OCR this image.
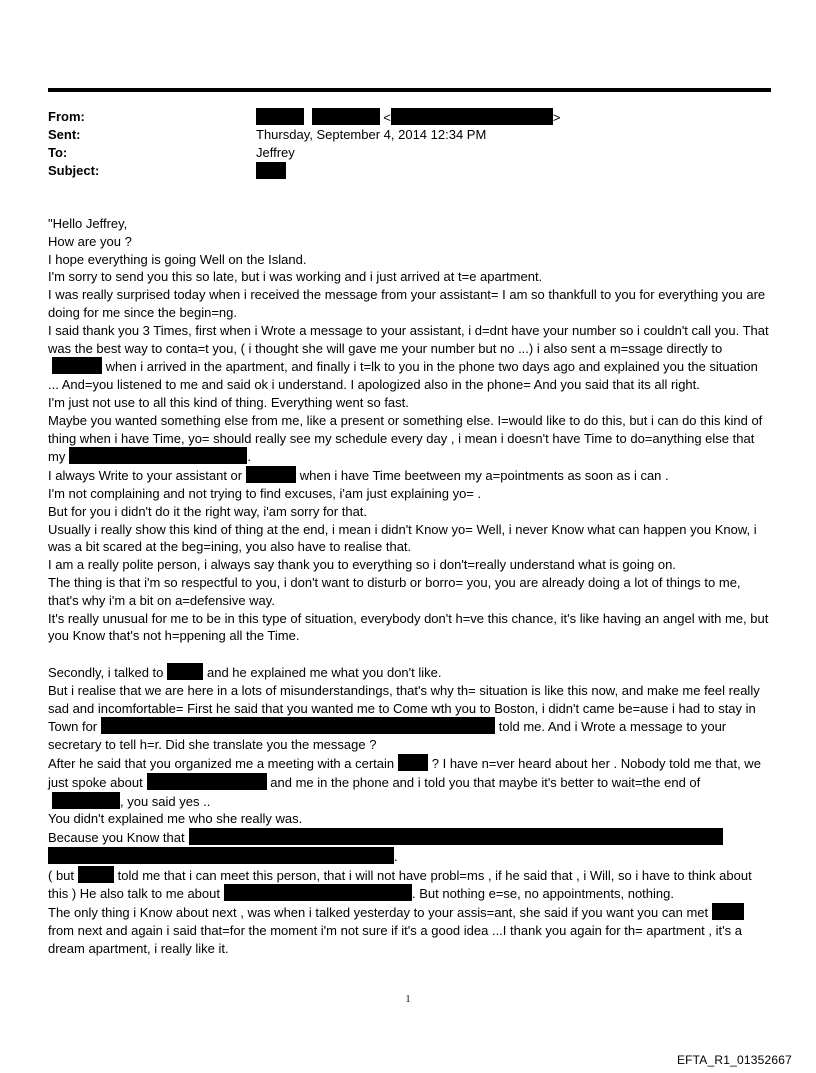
From:	<	>
Sent:	Thursday, September 4, 2014 12:34 PM
To:	Jeffrey
Subject:

"Hello Jeffrey,

How are you ?

I hope everything is going Well on the Island.

I'm sorry to send you this so late, but i was working and i just arrived at t=e apartment.

I was really surprised today when i received the message from your assistant= I am so thankfull to you for everything you are doing for me since the begin=ng.

I said thank you 3 Times, first when i Wrote a message to your assistant, i d=dnt have your number so i couldn't call you. That was the best way to conta=t you, ( i thought she will gave me your number but no ...) i also sent a m=ssage directly to when i arrived in the apartment, and finally i t=lk to you in the phone two days ago and explained you the situation ... And=you listened to me and said ok i understand. I apologized also in the phone= And you said that its all right.

I'm just not use to all this kind of thing. Everything went so fast.

Maybe you wanted something else from me, like a present or something else. I=would like to do this, but i can do this kind of thing when i have Time, yo= should really see my schedule every day , i mean i doesn't have Time to do=anything else that my	.

I always Write to your assistant or	when i have Time beetween my a=pointments as soon as i can .

I'm not complaining and not trying to find excuses, i'am just explaining yo= .

But for you i didn't do it the right way, i'am sorry for that.

Usually i really show this kind of thing at the end, i mean i didn't Know yo= Well, i never Know what can happen you Know, i was a bit scared at the beg=ining, you also have to realise that.

I am a really polite person, i always say thank you to everything so i don't=really understand what is going on.

The thing is that i'm so respectful to you, i don't want to disturb or borro= you, you are already doing a lot of things to me, that's why i'm a bit on a=defensive way.

It's really unusual for me to be in this type of situation, everybody don't h=ve this chance, it's like having an angel with me, but you Know that's not h=ppening all the Time.

Secondly, i talked to	and he explained me what you don't like.

But i realise that we are here in a lots of misunderstandings, that's why th= situation is like this now, and make me feel really sad and incomfortable= First he said that you wanted me to Come wth you to Boston, i didn't came be=ause i had to stay in Town for	told me. And i Wrote a message to your secretary to tell h=r. Did she translate you the message ?

After he said that you organized me a meeting with a certain	? I have n=ver heard about her . Nobody told me that, we just spoke about	and me in the phone and i told you that maybe it's better to wait=the end of, you said yes ..

You didn't explained me who she really was.

Because you Know that.

( but	told me that i can meet this person, that i will not have probl=ms , if he said that , i Will, so i have to think about this ) He also talk to me about	. But nothing e=se, no appointments, nothing.

The only thing i Know about next , was when i talked yesterday to your assis=ant, she said if you want you can met from next and again i said that=for the moment i'm not sure if it's a good idea ...I thank you again for th= apartment , it's a dream apartment, i really like it.

1
EFTA_R1_01352667
